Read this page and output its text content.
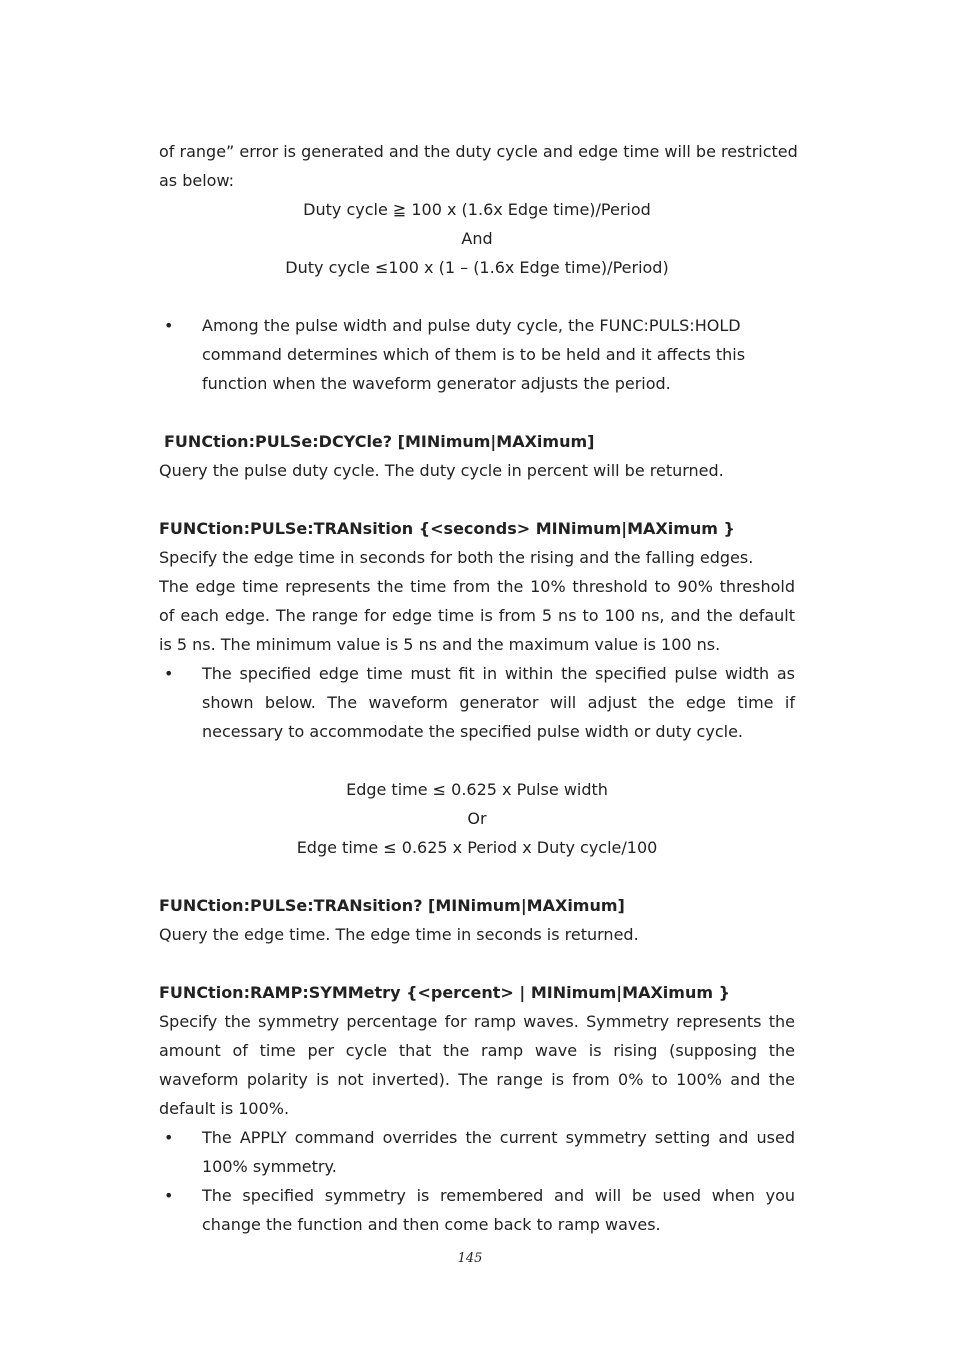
of range” error is generated and the duty cycle and edge time will be restricted

as below:

Duty cycle ≧ 100 x (1.6x Edge time)/Period

And

Duty cycle ≤100 x (1 – (1.6x Edge time)/Period)

• Among the pulse width and pulse duty cycle, the FUNC:PULS:HOLD command determines which of them is to be held and it affects this function when the waveform generator adjusts the period.

FUNCtion:PULSe:DCYCle? [MINimum|MAXimum]

Query the pulse duty cycle. The duty cycle in percent will be returned.

FUNCtion:PULSe:TRANsition {<seconds> MINimum|MAXimum }

Specify the edge time in seconds for both the rising and the falling edges.

The edge time represents the time from the 10% threshold to 90% threshold of each edge. The range for edge time is from 5 ns to 100 ns, and the default is 5 ns. The minimum value is 5 ns and the maximum value is 100 ns.

• The specified edge time must fit in within the specified pulse width as shown below. The waveform generator will adjust the edge time if necessary to accommodate the specified pulse width or duty cycle.

Edge time ≤ 0.625 x Pulse width

Or

Edge time ≤ 0.625 x Period x Duty cycle/100

FUNCtion:PULSe:TRANsition? [MINimum|MAXimum]

Query the edge time. The edge time in seconds is returned.

FUNCtion:RAMP:SYMMetry {<percent> | MINimum|MAXimum }

Specify the symmetry percentage for ramp waves. Symmetry represents the amount of time per cycle that the ramp wave is rising (supposing the waveform polarity is not inverted). The range is from 0% to 100% and the default is 100%.

• The APPLY command overrides the current symmetry setting and used 100% symmetry.
• The specified symmetry is remembered and will be used when you change the function and then come back to ramp waves.
145
